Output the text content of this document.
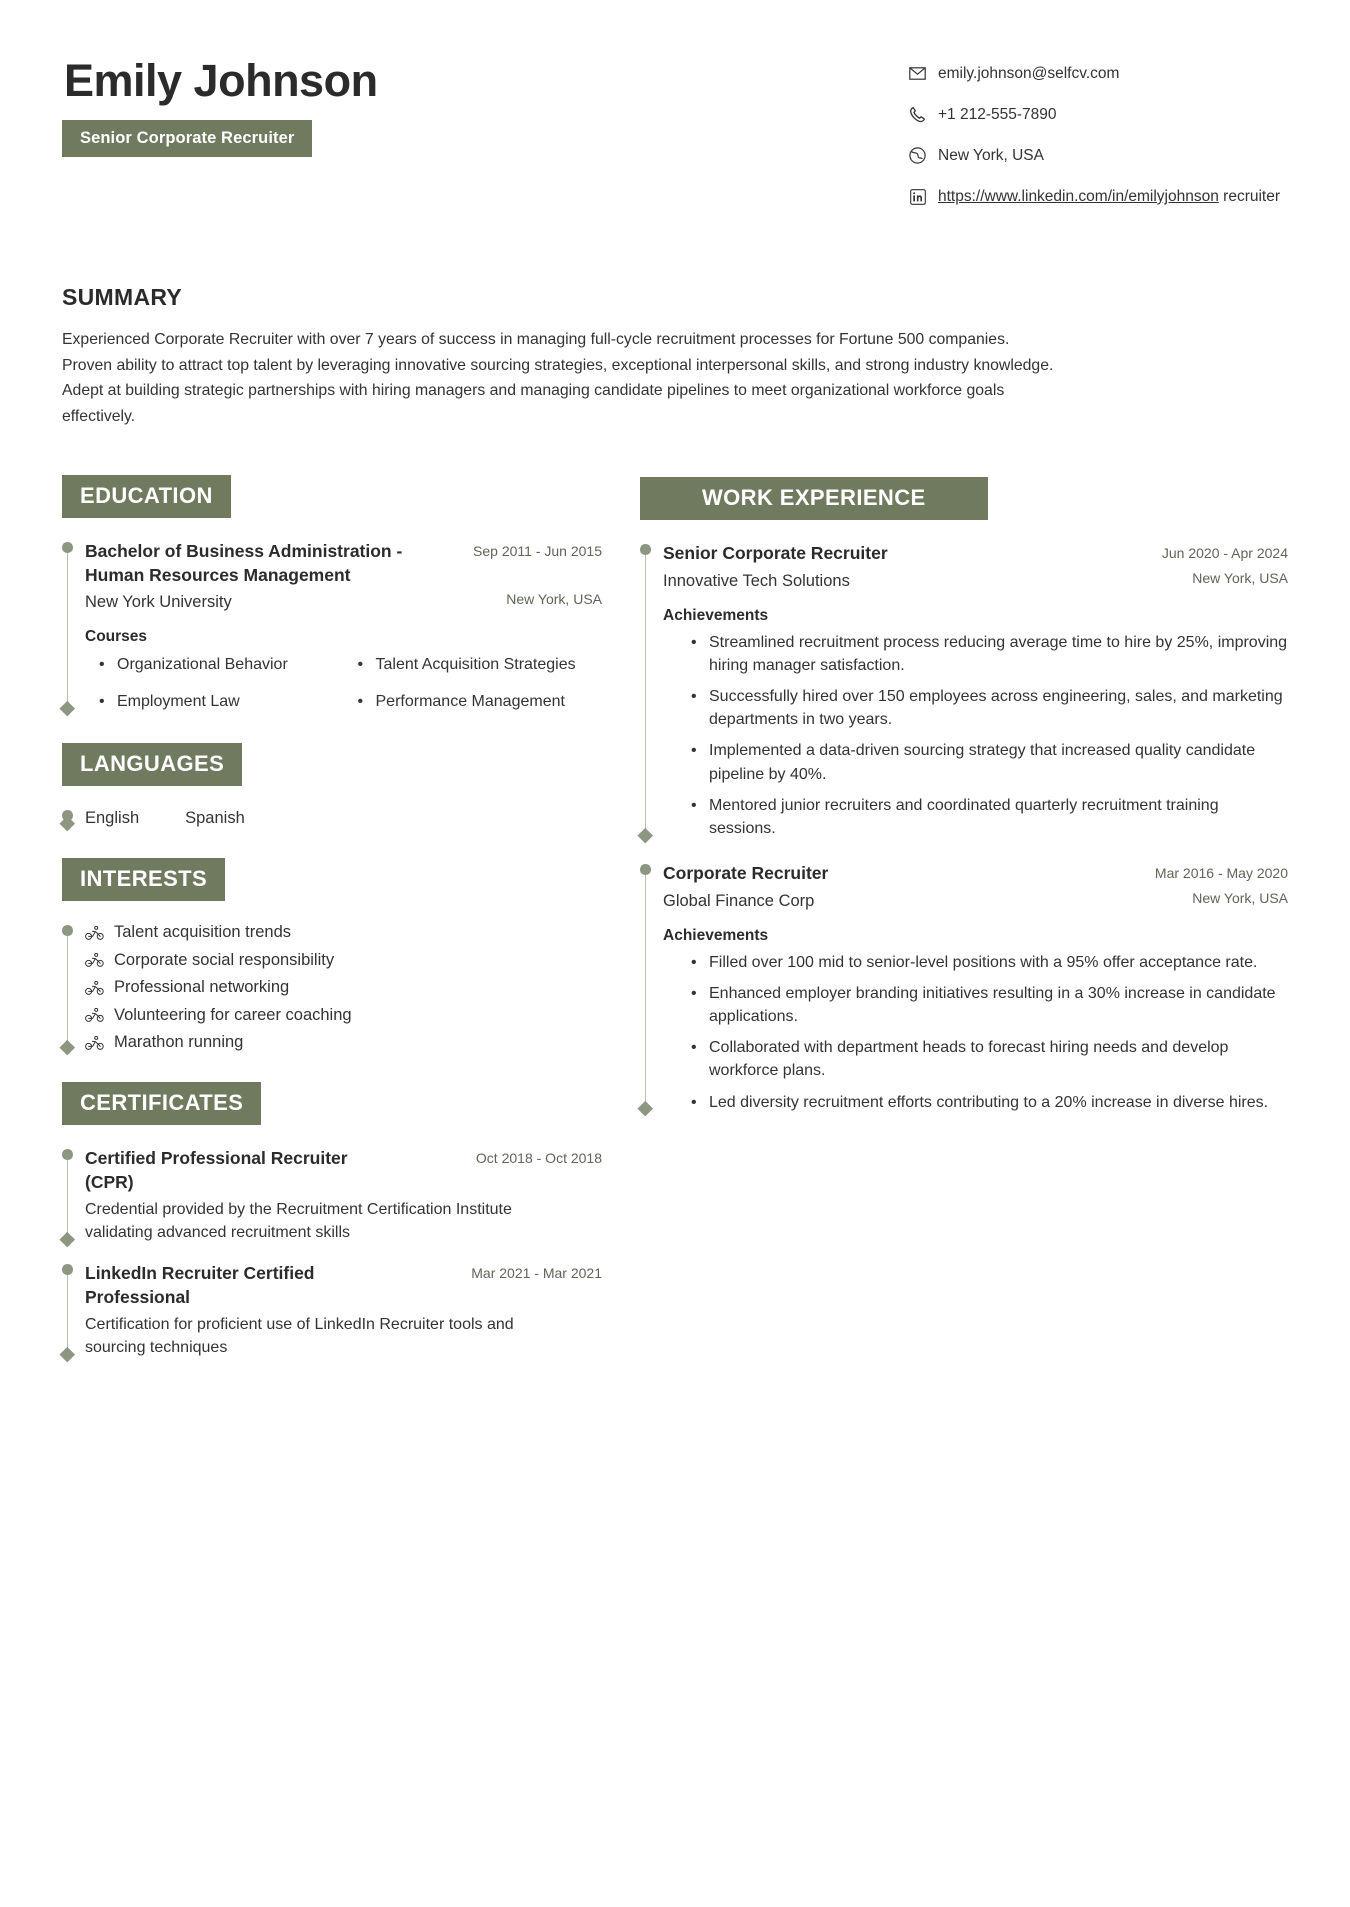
Emily Johnson
Senior Corporate Recruiter
emily.johnson@selfcv.com
+1 212-555-7890
New York, USA
https://www.linkedin.com/in/emilyjohnson recruiter
SUMMARY
Experienced Corporate Recruiter with over 7 years of success in managing full-cycle recruitment processes for Fortune 500 companies. Proven ability to attract top talent by leveraging innovative sourcing strategies, exceptional interpersonal skills, and strong industry knowledge. Adept at building strategic partnerships with hiring managers and managing candidate pipelines to meet organizational workforce goals effectively.
EDUCATION
Bachelor of Business Administration - Human Resources Management
Sep 2011 - Jun 2015
New York University	New York, USA
Courses
• Organizational Behavior	• Talent Acquisition Strategies
• Employment Law	• Performance Management
LANGUAGES
English	Spanish
INTERESTS
Talent acquisition trends
Corporate social responsibility
Professional networking
Volunteering for career coaching
Marathon running
CERTIFICATES
Certified Professional Recruiter (CPR)
Oct 2018 - Oct 2018
Credential provided by the Recruitment Certification Institute validating advanced recruitment skills
LinkedIn Recruiter Certified Professional
Mar 2021 - Mar 2021
Certification for proficient use of LinkedIn Recruiter tools and sourcing techniques
WORK EXPERIENCE
Senior Corporate Recruiter	Jun 2020 - Apr 2024
Innovative Tech Solutions	New York, USA
Achievements
• Streamlined recruitment process reducing average time to hire by 25%, improving hiring manager satisfaction.
• Successfully hired over 150 employees across engineering, sales, and marketing departments in two years.
• Implemented a data-driven sourcing strategy that increased quality candidate pipeline by 40%.
• Mentored junior recruiters and coordinated quarterly recruitment training sessions.
Corporate Recruiter	Mar 2016 - May 2020
Global Finance Corp	New York, USA
Achievements
• Filled over 100 mid to senior-level positions with a 95% offer acceptance rate.
• Enhanced employer branding initiatives resulting in a 30% increase in candidate applications.
• Collaborated with department heads to forecast hiring needs and develop workforce plans.
• Led diversity recruitment efforts contributing to a 20% increase in diverse hires.
